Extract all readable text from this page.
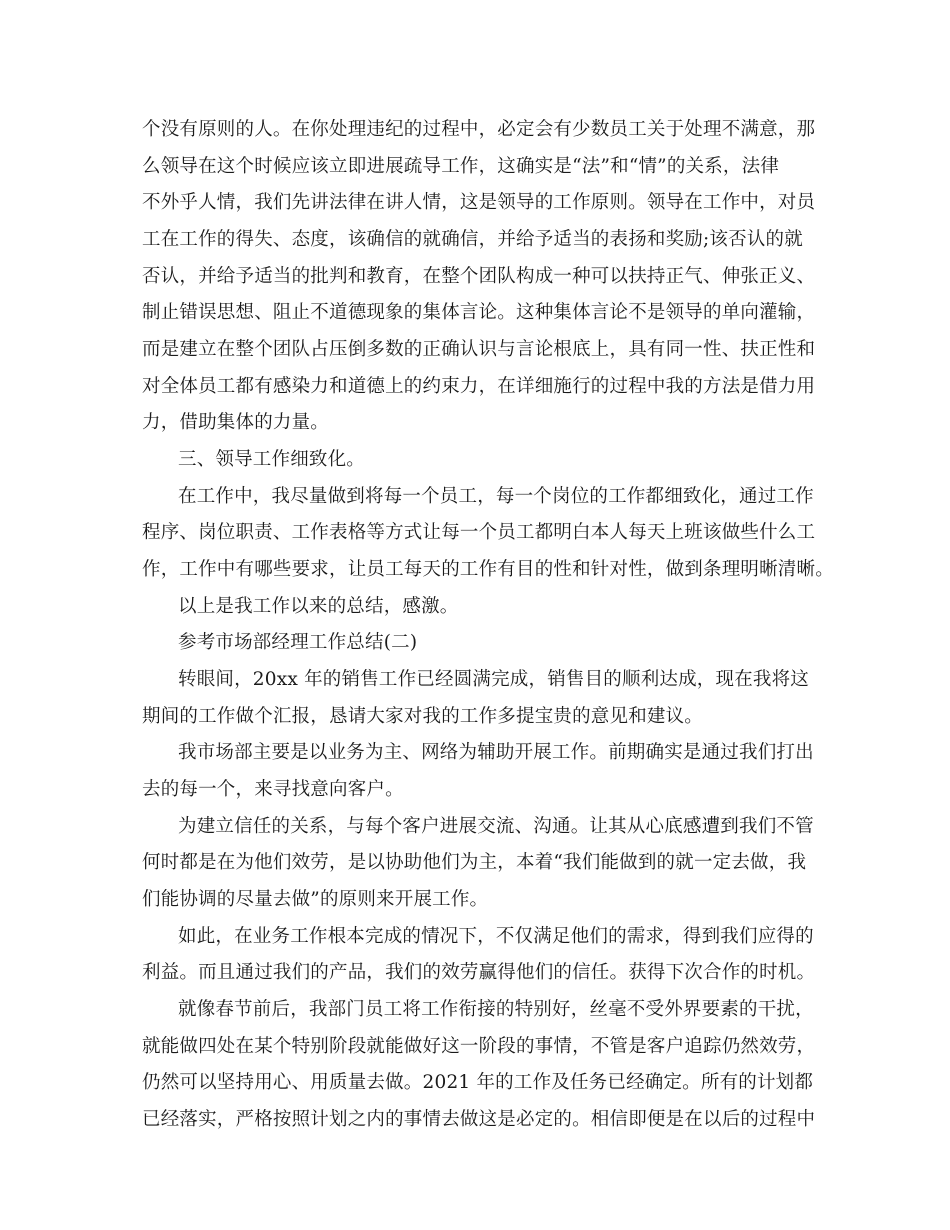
个没有原则的人。在你处理违纪的过程中，必定会有少数员工关于处理不满意，那
么领导在这个时候应该立即进展疏导工作，这确实是“法”和“情”的关系，法律
不外乎人情，我们先讲法律在讲人情，这是领导的工作原则。领导在工作中，对员
工在工作的得失、态度，该确信的就确信，并给予适当的表扬和奖励;该否认的就
否认，并给予适当的批判和教育，在整个团队构成一种可以扶持正气、伸张正义、
制止错误思想、阻止不道德现象的集体言论。这种集体言论不是领导的单向灌输，
而是建立在整个团队占压倒多数的正确认识与言论根底上，具有同一性、扶正性和
对全体员工都有感染力和道德上的约束力，在详细施行的过程中我的方法是借力用
力，借助集体的力量。
三、领导工作细致化。
在工作中，我尽量做到将每一个员工，每一个岗位的工作都细致化，通过工作
程序、岗位职责、工作表格等方式让每一个员工都明白本人每天上班该做些什么工
作，工作中有哪些要求，让员工每天的工作有目的性和针对性，做到条理明晰清晰。
以上是我工作以来的总结，感激。
参考市场部经理工作总结(二)
转眼间，20xx 年的销售工作已经圆满完成，销售目的顺利达成，现在我将这
期间的工作做个汇报，恳请大家对我的工作多提宝贵的意见和建议。
我市场部主要是以业务为主、网络为辅助开展工作。前期确实是通过我们打出
去的每一个，来寻找意向客户。
为建立信任的关系，与每个客户进展交流、沟通。让其从心底感遭到我们不管
何时都是在为他们效劳，是以协助他们为主，本着“我们能做到的就一定去做，我
们能协调的尽量去做”的原则来开展工作。
如此，在业务工作根本完成的情况下，不仅满足他们的需求，得到我们应得的
利益。而且通过我们的产品，我们的效劳赢得他们的信任。获得下次合作的时机。
就像春节前后，我部门员工将工作衔接的特别好，丝毫不受外界要素的干扰，
就能做四处在某个特别阶段就能做好这一阶段的事情，不管是客户追踪仍然效劳，
仍然可以坚持用心、用质量去做。2021 年的工作及任务已经确定。所有的计划都
已经落实，严格按照计划之内的事情去做这是必定的。相信即便是在以后的过程中
